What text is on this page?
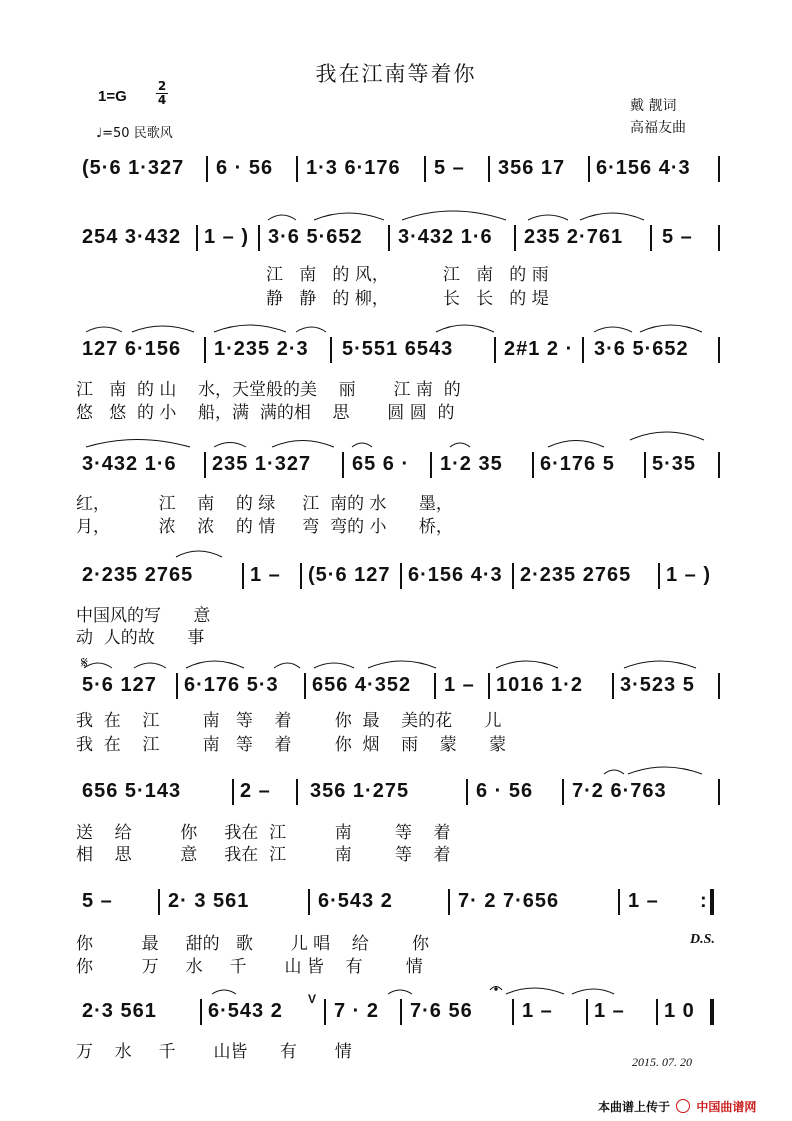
我在江南等着你
1=G
2
4
♩=50 民歌风
戴 靓词
高福友曲
(5·6 1·327 6 · 56 1·3 6·176 5 – 356 17 6·156 4·3
254 3·432 1 – ) 3·6 5·652 3·432 1·6 235 2·761 5 –
江   南   的 风，          江   南   的 雨
静   静   的 柳，          长   长   的 堤
127 6·156 1·235 2·3 5·551 6543	2#1 2 · 3·6 5·652
江   南  的 山    水，天堂般的美    丽       江 南  的
悠   悠  的 小    船，满  满的相    思       圆 圆  的
3·432 1·6 235 1·327 65 6 · 1·2 35 6·176 5 5·35
红，         江    南    的 绿     江  南的 水      墨，
月，         浓    浓    的 情     弯  弯的 小      桥，
2·235 2765	1 – (5·6 127 6·156 4·3 2·235 2765 1 – )
中国风的写      意
动  人的故      事
𝄋
5·6 127 6·176 5·3 656 4·352 1 – 1016 1·2 3·523 5
我  在    江        南   等    着        你  最    美的花      儿
我  在    江        南   等    着        你  烟    雨    蒙      蒙
656 5·143	2 – 356 1·275	6 · 56 7·2 6·763
送    给         你     我在  江         南        等    着
相    思         意     我在  江         南        等    着
5 –	2· 3 561	6·543 2	7· 2 7·656	1 – :
你         最     甜的   歌       儿 唱    给        你
你         万     水     千       山 皆    有        情
D.S.
2·3 561	6·543 2
V
7 · 2 7·6 56 1 – 1 – 1 0
万    水     千       山皆      有       情	2015. 07. 20
本曲谱上传于 中国曲谱网
